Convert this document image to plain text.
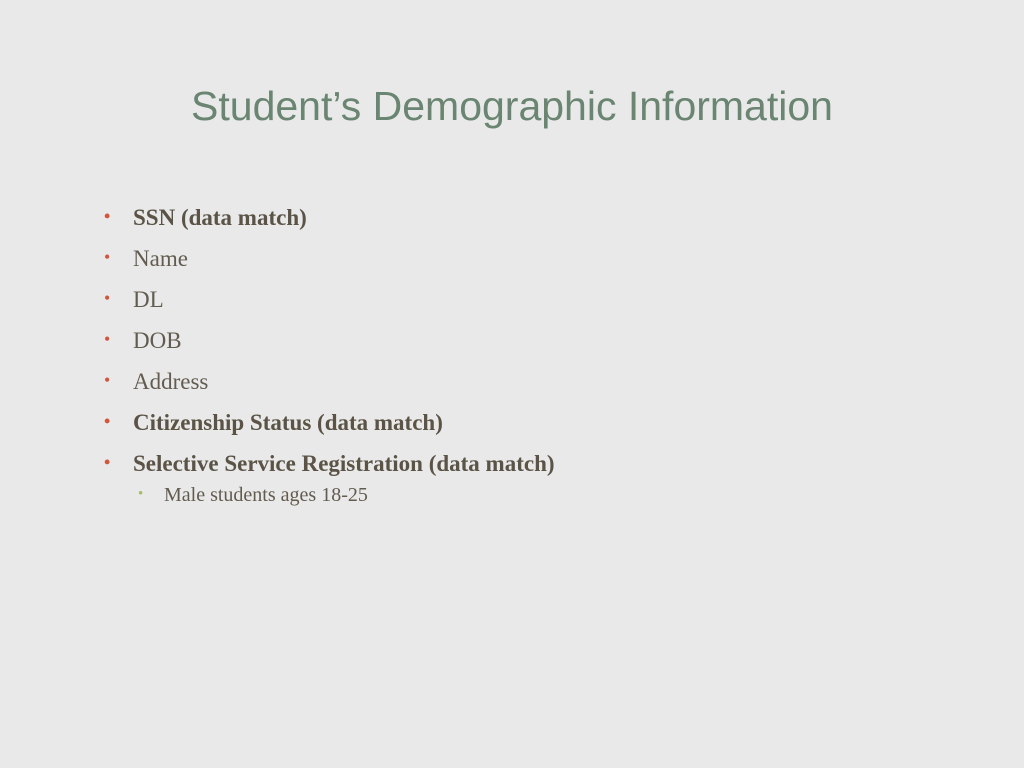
Student’s Demographic Information
• SSN (data match)
• Name
• DL
• DOB
• Address
• Citizenship Status (data match)
• Selective Service Registration (data match)
• Male students ages 18-25
